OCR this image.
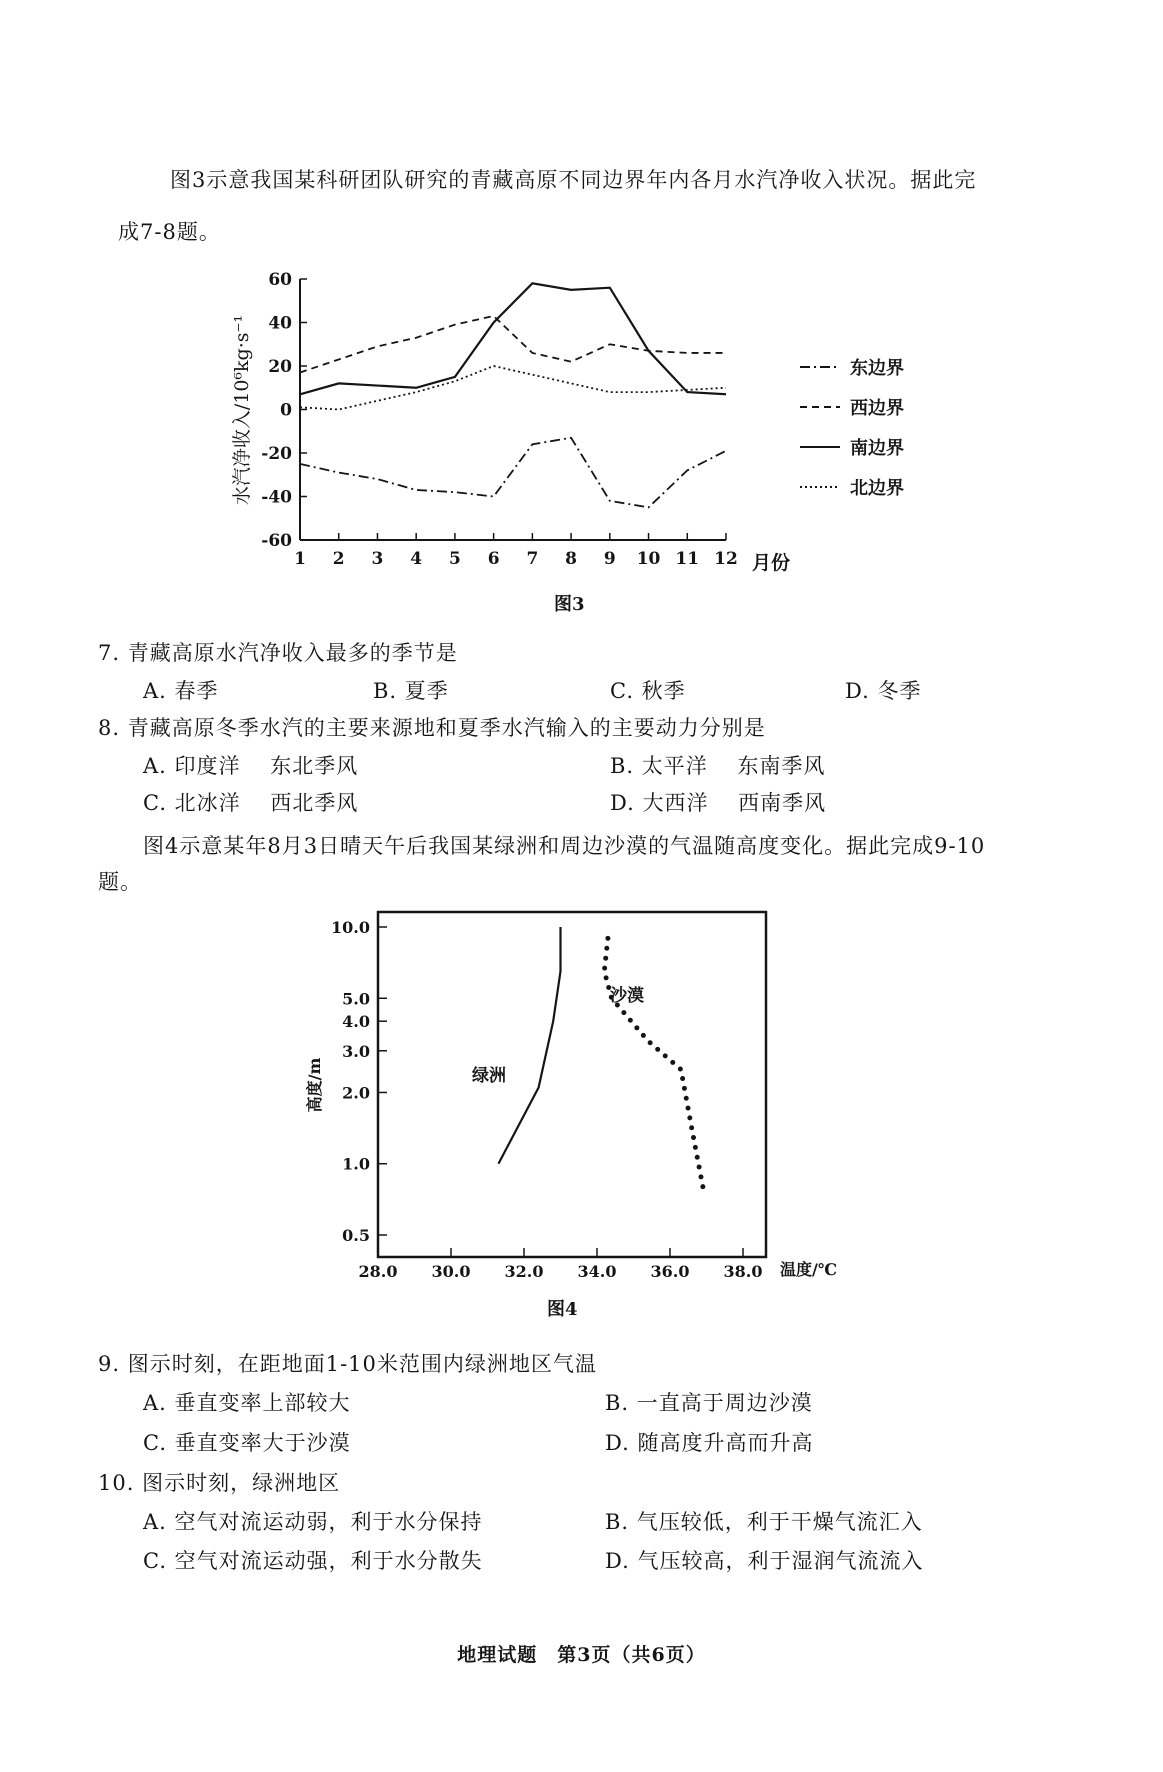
图3示意我国某科研团队研究的青藏高原不同边界年内各月水汽净收入状况。据此完
成7-8题。
60
40
20
0
-20
-40
-60
1 2 3 4 5 6 7 8 9 10 11 12
东边界
西边界
南边界
北边界
水汽净收入/10⁶kg·s⁻¹
月份
图3
7. 青藏高原水汽净收入最多的季节是
A. 春季	B. 夏季	C. 秋季	D. 冬季
8. 青藏高原冬季水汽的主要来源地和夏季水汽输入的主要动力分别是
A. 印度洋　 东北季风	B. 太平洋　 东南季风
C. 北冰洋　 西北季风	D. 大西洋　 西南季风
图4示意某年8月3日晴天午后我国某绿洲和周边沙漠的气温随高度变化。据此完成9-10
题。
10.0
5.0
4.0
3.0
2.0
1.0
0.5
28.0 30.0 32.0 34.0 36.0 38.0
绿洲
沙漠
高度/m
温度/℃
图4
9. 图示时刻，在距地面1-10米范围内绿洲地区气温
A. 垂直变率上部较大	B. 一直高于周边沙漠
C. 垂直变率大于沙漠	D. 随高度升高而升高
10. 图示时刻，绿洲地区
A. 空气对流运动弱，利于水分保持	B. 气压较低，利于干燥气流汇入
C. 空气对流运动强，利于水分散失	D. 气压较高，利于湿润气流流入
地理试题　第3页（共6页）
